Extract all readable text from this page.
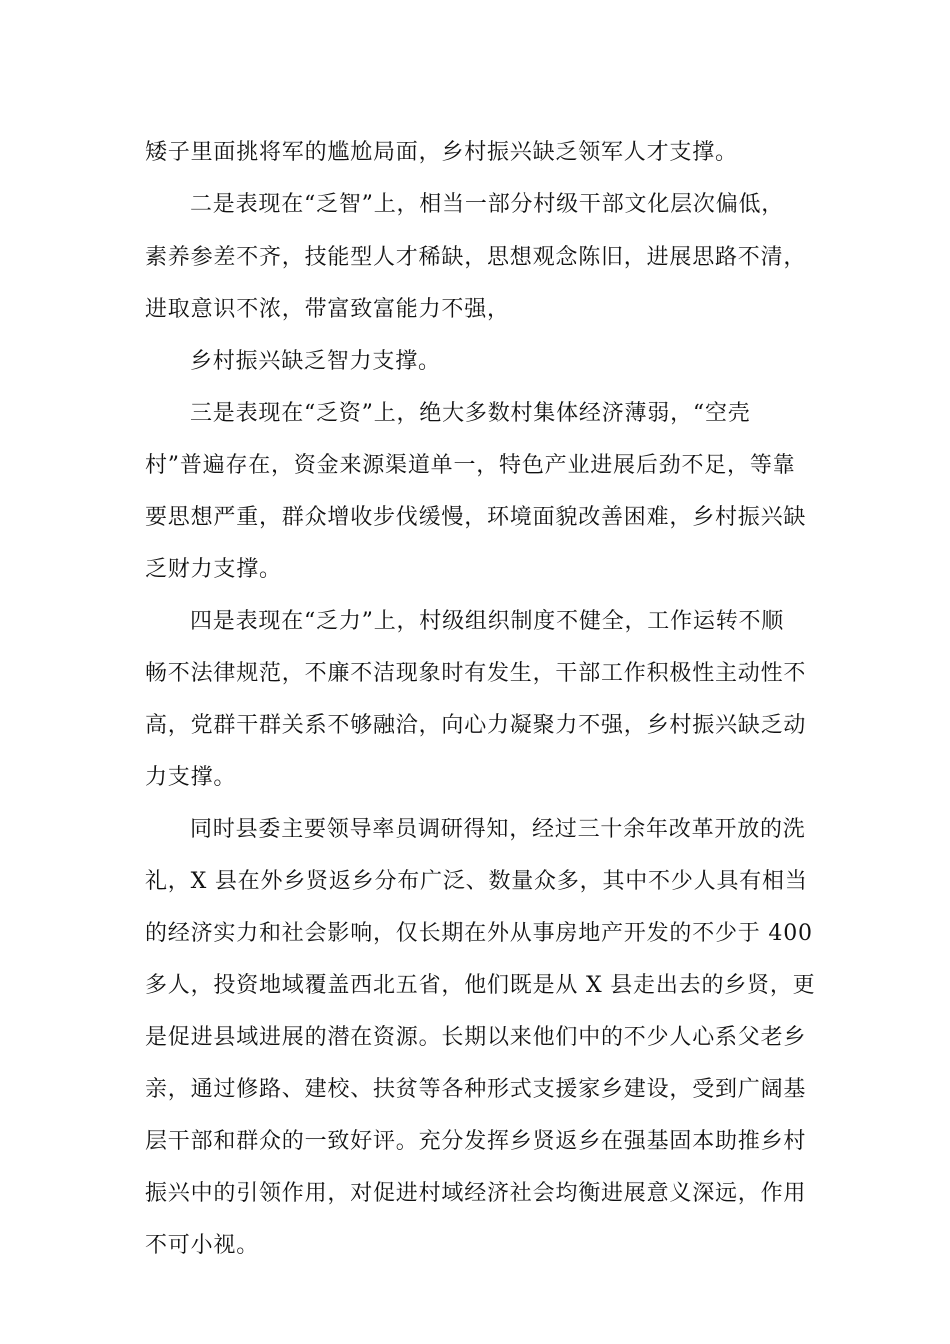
矮子里面挑将军的尴尬局面，乡村振兴缺乏领军人才支撑。
二是表现在“乏智”上，相当一部分村级干部文化层次偏低，
素养参差不齐，技能型人才稀缺，思想观念陈旧，进展思路不清，
进取意识不浓，带富致富能力不强，
乡村振兴缺乏智力支撑。
三是表现在“乏资”上，绝大多数村集体经济薄弱，“空壳
村”普遍存在，资金来源渠道单一，特色产业进展后劲不足，等靠
要思想严重，群众增收步伐缓慢，环境面貌改善困难，乡村振兴缺
乏财力支撑。
四是表现在“乏力”上，村级组织制度不健全，工作运转不顺
畅不法律规范，不廉不洁现象时有发生，干部工作积极性主动性不
高，党群干群关系不够融洽，向心力凝聚力不强，乡村振兴缺乏动
力支撑。
同时县委主要领导率员调研得知，经过三十余年改革开放的洗
礼，X 县在外乡贤返乡分布广泛、数量众多，其中不少人具有相当
的经济实力和社会影响，仅长期在外从事房地产开发的不少于 400
多人，投资地域覆盖西北五省，他们既是从 X 县走出去的乡贤，更
是促进县域进展的潜在资源。长期以来他们中的不少人心系父老乡
亲，通过修路、建校、扶贫等各种形式支援家乡建设，受到广阔基
层干部和群众的一致好评。充分发挥乡贤返乡在强基固本助推乡村
振兴中的引领作用，对促进村域经济社会均衡进展意义深远，作用
不可小视。
